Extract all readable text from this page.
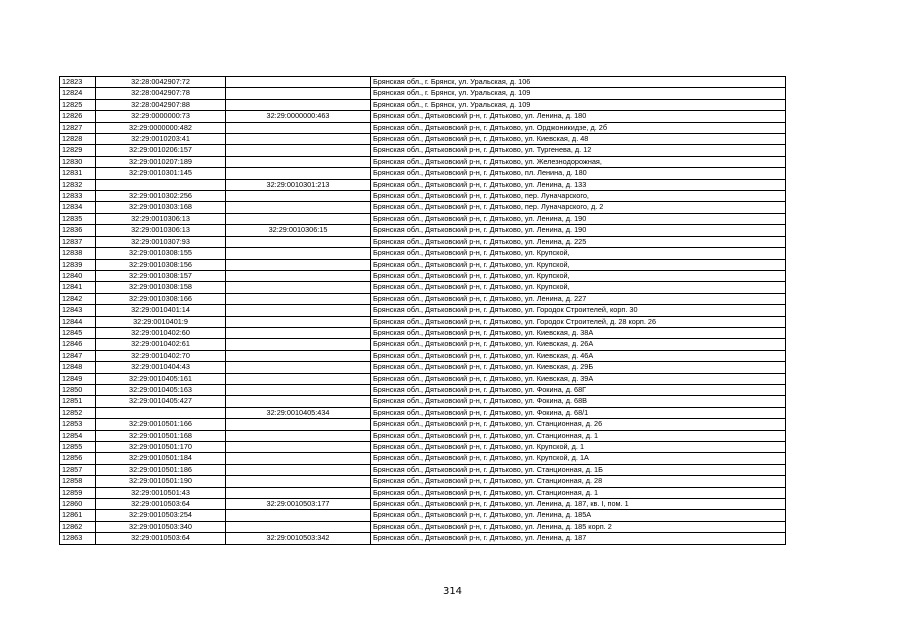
12823	32:28:0042907:72		Брянская обл., г. Брянск, ул. Уральская, д. 106
12824	32:28:0042907:78		Брянская обл., г. Брянск, ул. Уральская, д. 109
12825	32:28:0042907:88		Брянская обл., г. Брянск, ул. Уральская, д. 109
12826	32:29:0000000:73	32:29:0000000:463	Брянская обл., Дятьковский р-н, г. Дятьково, ул. Ленина, д. 180
12827	32:29:0000000:482		Брянская обл., Дятьковский р-н, г. Дятьково, ул. Орджоникидзе, д. 2б
12828	32:29:0010203:41		Брянская обл., Дятьковский р-н, г. Дятьково, ул. Киевская, д. 48
12829	32:29:0010206:157		Брянская обл., Дятьковский р-н, г. Дятьково, ул. Тургенева, д. 12
12830	32:29:0010207:189		Брянская обл., Дятьковский р-н, г. Дятьково, ул. Железнодорожная,
12831	32:29:0010301:145		Брянская обл., Дятьковский р-н, г. Дятьково, пл. Ленина, д. 180
12832		32:29:0010301:213	Брянская обл., Дятьковский р-н, г. Дятьково, ул. Ленина, д. 133
12833	32:29:0010302:256		Брянская обл., Дятьковский р-н, г. Дятьково, пер. Луначарского,
12834	32:29:0010303:168		Брянская обл., Дятьковский р-н, г. Дятьково, пер. Луначарского, д. 2
12835	32:29:0010306:13		Брянская обл., Дятьковский р-н, г. Дятьково, ул. Ленина, д. 190
12836	32:29:0010306:13	32:29:0010306:15	Брянская обл., Дятьковский р-н, г. Дятьково, ул. Ленина, д. 190
12837	32:29:0010307:93		Брянская обл., Дятьковский р-н, г. Дятьково, ул. Ленина, д. 225
12838	32:29:0010308:155		Брянская обл., Дятьковский р-н, г. Дятьково, ул. Крупской,
12839	32:29:0010308:156		Брянская обл., Дятьковский р-н, г. Дятьково, ул. Крупской,
12840	32:29:0010308:157		Брянская обл., Дятьковский р-н, г. Дятьково, ул. Крупской,
12841	32:29:0010308:158		Брянская обл., Дятьковский р-н, г. Дятьково, ул. Крупской,
12842	32:29:0010308:166		Брянская обл., Дятьковский р-н, г. Дятьково, ул. Ленина, д. 227
12843	32:29:0010401:14		Брянская обл., Дятьковский р-н, г. Дятьково, ул. Городок Строителей, корп. 30
12844	32:29:0010401:9		Брянская обл., Дятьковский р-н, г. Дятьково, ул. Городок Строителей, д. 28 корп. 26
12845	32:29:0010402:60		Брянская обл., Дятьковский р-н, г. Дятьково, ул. Киевская, д. 38А
12846	32:29:0010402:61		Брянская обл., Дятьковский р-н, г. Дятьково, ул. Киевская, д. 26А
12847	32:29:0010402:70		Брянская обл., Дятьковский р-н, г. Дятьково, ул. Киевская, д. 46А
12848	32:29:0010404:43		Брянская обл., Дятьковский р-н, г. Дятьково, ул. Киевская, д. 29Б
12849	32:29:0010405:161		Брянская обл., Дятьковский р-н, г. Дятьково, ул. Киевская, д. 39А
12850	32:29:0010405:163		Брянская обл., Дятьковский р-н, г. Дятьково, ул. Фокина, д. 68Г
12851	32:29:0010405:427		Брянская обл., Дятьковский р-н, г. Дятьково, ул. Фокина, д. 68В
12852		32:29:0010405:434	Брянская обл., Дятьковский р-н, г. Дятьково, ул. Фокина, д. 68/1
12853	32:29:0010501:166		Брянская обл., Дятьковский р-н, г. Дятьково, ул. Станционная, д. 26
12854	32:29:0010501:168		Брянская обл., Дятьковский р-н, г. Дятьково, ул. Станционная, д. 1
12855	32:29:0010501:170		Брянская обл., Дятьковский р-н, г. Дятьково, ул. Крупской, д. 1
12856	32:29:0010501:184		Брянская обл., Дятьковский р-н, г. Дятьково, ул. Крупской, д. 1А
12857	32:29:0010501:186		Брянская обл., Дятьковский р-н, г. Дятьково, ул. Станционная, д. 1Б
12858	32:29:0010501:190		Брянская обл., Дятьковский р-н, г. Дятьково, ул. Станционная, д. 28
12859	32:29:0010501:43		Брянская обл., Дятьковский р-н, г. Дятьково, ул. Станционная, д. 1
12860	32:29:0010503:64	32:29:0010503:177	Брянская обл., Дятьковский р-н, г. Дятьково, ул. Ленина, д. 187, кв. I, пом. 1
12861	32:29:0010503:254		Брянская обл., Дятьковский р-н, г. Дятьково, ул. Ленина, д. 185А
12862	32:29:0010503:340		Брянская обл., Дятьковский р-н, г. Дятьково, ул. Ленина, д. 185 корп. 2
12863	32:29:0010503:64	32:29:0010503:342	Брянская обл., Дятьковский р-н, г. Дятьково, ул. Ленина, д. 187
314
